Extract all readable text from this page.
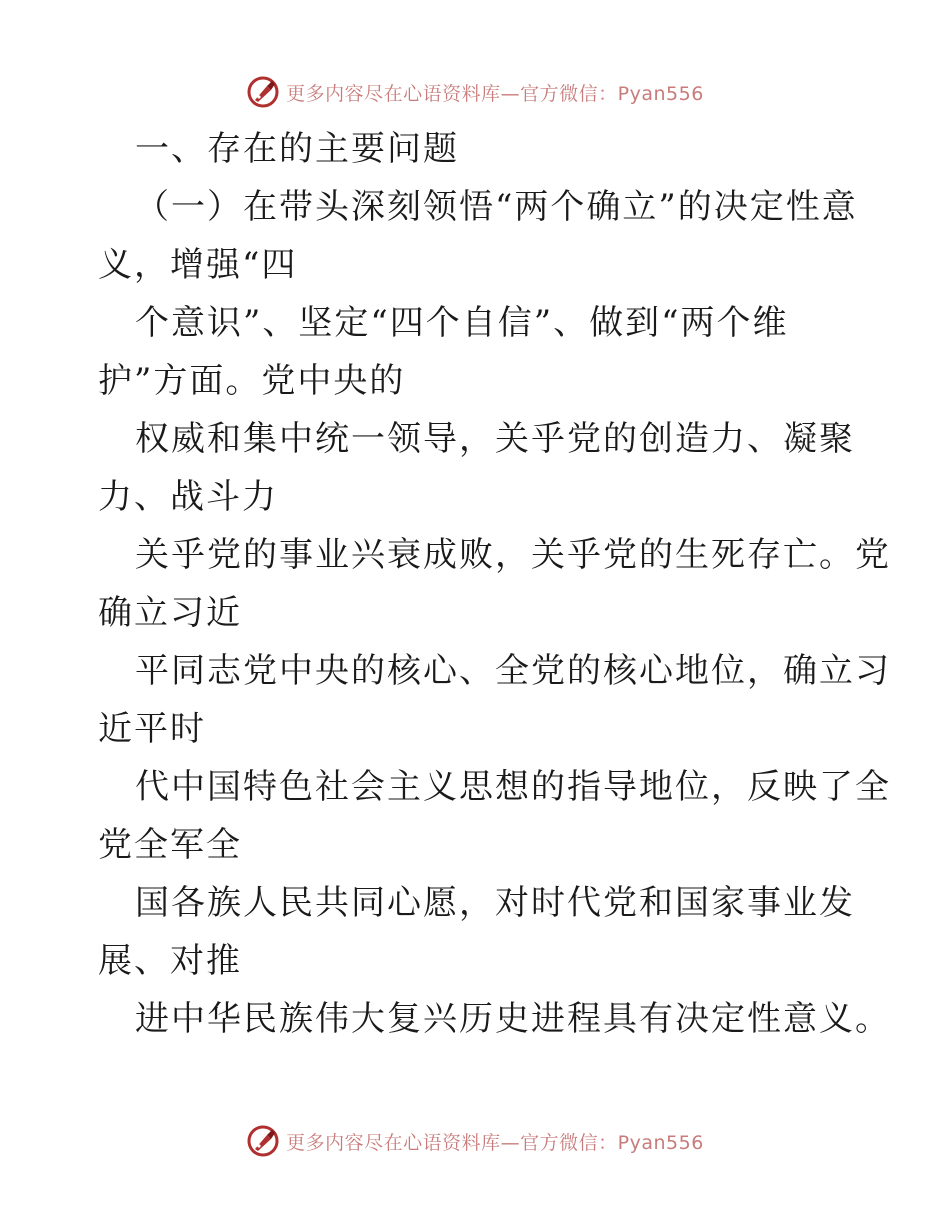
更多内容尽在心语资料库—官方微信：Pyan556
一、存在的主要问题
（一）在带头深刻领悟“两个确立”的决定性意
义，增强“四
个意识”、坚定“四个自信”、做到“两个维
护”方面。党中央的
权威和集中统一领导，关乎党的创造力、凝聚
力、战斗力
关乎党的事业兴衰成败，关乎党的生死存亡。党
确立习近
平同志党中央的核心、全党的核心地位，确立习
近平时
代中国特色社会主义思想的指导地位，反映了全
党全军全
国各族人民共同心愿，对时代党和国家事业发
展、对推
进中华民族伟大复兴历史进程具有决定性意义。
更多内容尽在心语资料库—官方微信：Pyan556
